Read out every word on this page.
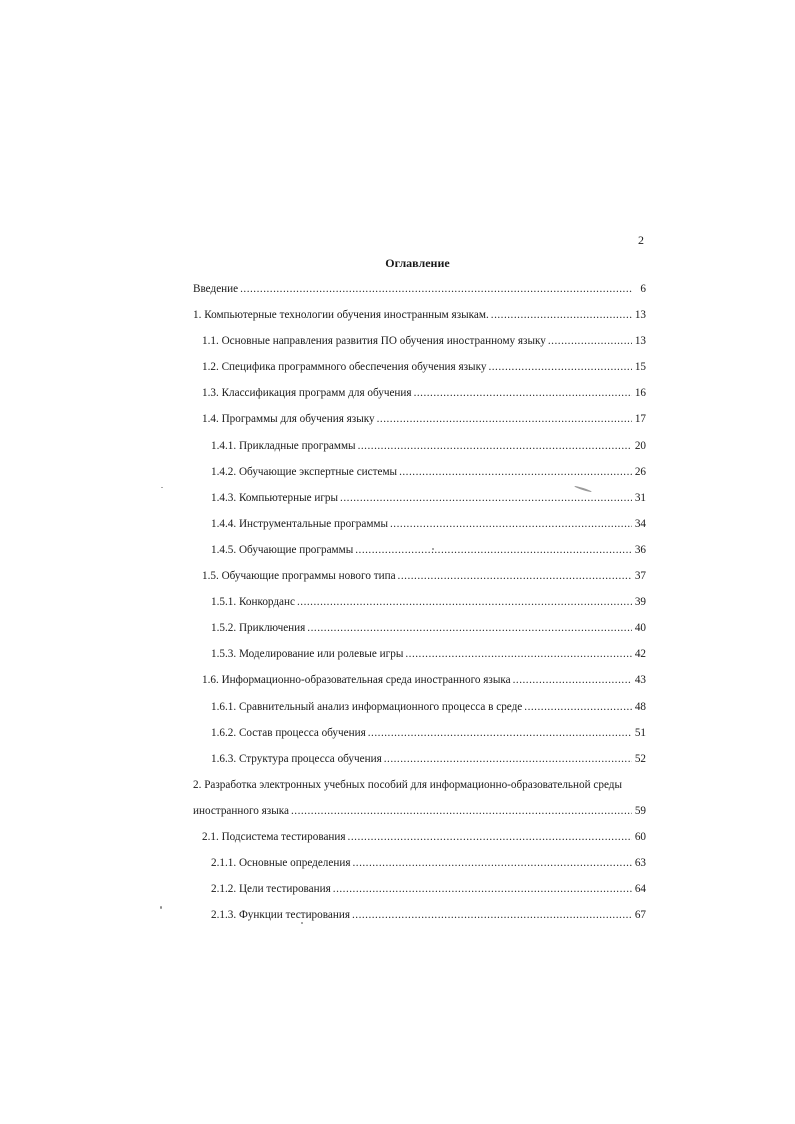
2
Оглавление
Введение .....	6
1. Компьютерные технологии обучения иностранным языкам. .....	13
1.1. Основные направления развития ПО обучения иностранному языку .....	13
1.2. Специфика программного обеспечения обучения языку .....	15
1.3. Классификация программ для обучения .....	16
1.4. Программы для обучения языку .....	17
1.4.1. Прикладные программы .....	20
1.4.2. Обучающие экспертные системы .....	26
1.4.3. Компьютерные игры .....	31
1.4.4. Инструментальные программы .....	34
1.4.5. Обучающие программы .....	36
1.5. Обучающие программы нового типа .....	37
1.5.1. Конкорданс .....	39
1.5.2. Приключения .....	40
1.5.3. Моделирование или ролевые игры .....	42
1.6. Информационно-образовательная среда иностранного языка .....	43
1.6.1. Сравнительный анализ информационного процесса в среде .....	48
1.6.2. Состав процесса обучения .....	51
1.6.3. Структура процесса обучения .....	52
2. Разработка электронных учебных пособий для информационно-образовательной среды
иностранного языка .....	59
2.1. Подсистема тестирования .....	60
2.1.1. Основные определения .....	63
2.1.2. Цели тестирования .....	64
2.1.3. Функции тестирования .....	67
